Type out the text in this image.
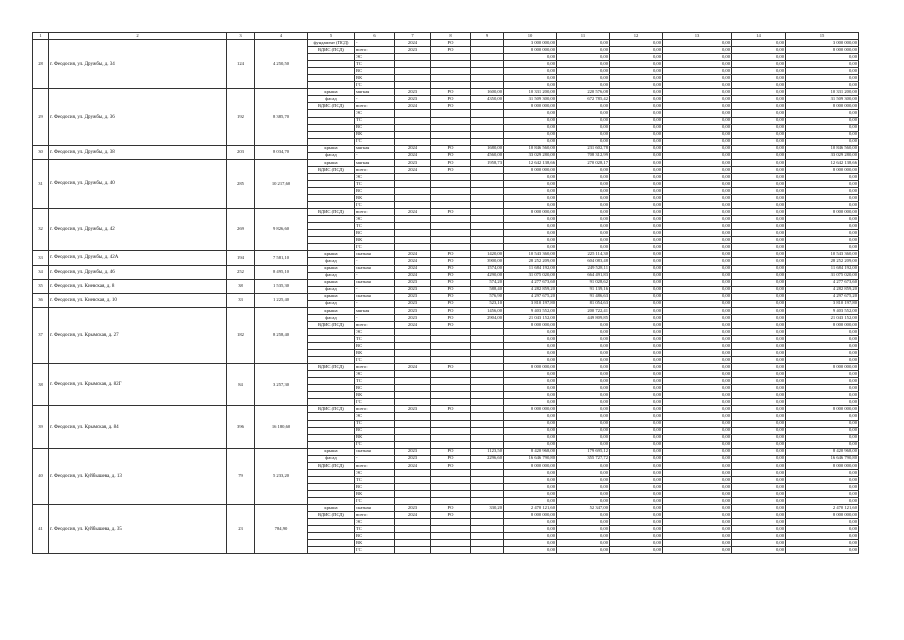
1	2	3	4	5	6	7	8	9	10	11	12	13	14	15
28	г. Феодосия, ул. Дружбы, д. 34	124	4 250,50	фундамент (ПСД)	-	2024	РО		3 000 000,00	0,00	0,00	0,00	0,00	3 000 000,00
				ВДИС (ПСД)	всего:	2023	РО		8 000 000,00	0,00	0,00	0,00	0,00	8 000 000,00
					ЭС				0,00	0,00	0,00	0,00	0,00	0,00
					ТС				0,00	0,00	0,00	0,00	0,00	0,00
					ВС				0,00	0,00	0,00	0,00	0,00	0,00
					ВК				0,00	0,00	0,00	0,00	0,00	0,00
					ГС				0,00	0,00	0,00	0,00	0,00	0,00
29	г. Феодосия, ул. Дружбы, д. 36	192	8 385,70	крыша	мягкая	2023	РО	1600,00	10 331 200,00	220 576,08	0,00	0,00	0,00	10 331 200,00
				фасад	-	2023	РО	4350,00	31 509 300,00	672 785,42	0,00	0,00	0,00	31 509 300,00
				ВДИС (ПСД)	всего:	2024	РО		8 000 000,00	0,00	0,00	0,00	0,00	8 000 000,00
					ЭС				0,00	0,00	0,00	0,00	0,00	0,00
					ТС				0,00	0,00	0,00	0,00	0,00	0,00
					ВС				0,00	0,00	0,00	0,00	0,00	0,00
					ВК				0,00	0,00	0,00	0,00	0,00	0,00
					ГС				0,00	0,00	0,00	0,00	0,00	0,00
30	г. Феодосия, ул. Дружбы, д. 38	203	8 034,70	крыша	мягкая	2024	РО	1680,00	10 846 560,00	231 602,78	0,00	0,00	0,00	10 846 560,00
				фасад	-	2024	РО	4560,00	33 029 280,00	708 312,99	0,00	0,00	0,00	33 029 280,00
31	г. Феодосия, ул. Дружбы, д. 40	285	10 217,60	крыша	мягкая	2023	РО	1958,73	12 642 138,66	270 028,17	0,00	0,00	0,00	12 642 138,66
				ВДИС (ПСД)	всего:	2024	РО		8 000 000,00	0,00	0,00	0,00	0,00	8 000 000,00
					ЭС				0,00	0,00	0,00	0,00	0,00	0,00
					ТС				0,00	0,00	0,00	0,00	0,00	0,00
					ВС				0,00	0,00	0,00	0,00	0,00	0,00
					ВК				0,00	0,00	0,00	0,00	0,00	0,00
					ГС				0,00	0,00	0,00	0,00	0,00	0,00
32	г. Феодосия, ул. Дружбы, д. 42	269	9 826,60	ВДИС (ПСД)	всего:	2024	РО		8 000 000,00	0,00	0,00	0,00	0,00	8 000 000,00
					ЭС				0,00	0,00	0,00	0,00	0,00	0,00
					ТС				0,00	0,00	0,00	0,00	0,00	0,00
					ВС				0,00	0,00	0,00	0,00	0,00	0,00
					ВК				0,00	0,00	0,00	0,00	0,00	0,00
					ГС				0,00	0,00	0,00	0,00	0,00	0,00
33	г. Феодосия, ул. Дружбы, д. 42А	194	7 581,10	крыша	скатная	2024	РО	1420,00	10 543 360,00	225 114,30	0,00	0,00	0,00	10 543 360,00
				фасад	-	2024	РО	3900,00	28 252 209,00	604 083,48	0,00	0,00	0,00	28 252 209,00
34	г. Феодосия, ул. Дружбы, д. 46	252	8 495,10	крыша	скатная	2024	РО	1574,00	11 684 192,00	249 528,11	0,00	0,00	0,00	11 684 192,00
				фасад	-	2024	РО	4290,00	31 075 020,00	664 491,83	0,00	0,00	0,00	31 075 020,00
35	г. Феодосия, ул. Киевская, д. 8	38	1 535,30	крыша	скатная	2023	РО	574,20	4 277 673,60	91 028,62	0,00	0,00	0,00	4 277 673,60
				фасад	-	2023	РО	588,40	4 282 859,20	91 139,16	0,00	0,00	0,00	4 282 859,20
36	г. Феодосия, ул. Киевская, д. 10	33	1 225,40	крыша	скатная	2023	РО	576,90	4 297 675,20	91 486,63	0,00	0,00	0,00	4 297 675,20
				фасад	-	2023	РО	523,10	3 810 197,80	81 054,63	0,00	0,00	0,00	3 810 197,80
37	г. Феодосия, ул. Крымская, д. 27	182	8 258,40	крыша	мягкая	2023	РО	1456,00	9 403 552,00	200 722,41	0,00	0,00	0,00	9 403 552,00
				фасад	-	2023	РО	2904,00	21 043 152,00	449 809,85	0,00	0,00	0,00	21 043 152,00
				ВДИС (ПСД)	всего:	2024	РО		8 000 000,00	0,00	0,00	0,00	0,00	8 000 000,00
					ЭС				0,00	0,00	0,00	0,00	0,00	0,00
					ТС				0,00	0,00	0,00	0,00	0,00	0,00
					ВС				0,00	0,00	0,00	0,00	0,00	0,00
					ВК				0,00	0,00	0,00	0,00	0,00	0,00
					ГС				0,00	0,00	0,00	0,00	0,00	0,00
38	г. Феодосия, ул. Крымская, д. 82Г	84	3 257,30	ВДИС (ПСД)	всего:	2024	РО		8 000 000,00	0,00	0,00	0,00	0,00	8 000 000,00
					ЭС				0,00	0,00	0,00	0,00	0,00	0,00
					ТС				0,00	0,00	0,00	0,00	0,00	0,00
					ВС				0,00	0,00	0,00	0,00	0,00	0,00
					ВК				0,00	0,00	0,00	0,00	0,00	0,00
					ГС				0,00	0,00	0,00	0,00	0,00	0,00
39	г. Феодосия, ул. Крымская, д. 84	396	16 180,60	ВДИС (ПСД)	всего:	2023	РО		8 000 000,00	0,00	0,00	0,00	0,00	8 000 000,00
					ЭС				0,00	0,00	0,00	0,00	0,00	0,00
					ТС				0,00	0,00	0,00	0,00	0,00	0,00
					ВС				0,00	0,00	0,00	0,00	0,00	0,00
					ВК				0,00	0,00	0,00	0,00	0,00	0,00
					ГС				0,00	0,00	0,00	0,00	0,00	0,00
40	г. Феодосия, ул. Куйбышева, д. 13	79	5 233,20	крыша	скатная	2023	РО	1123,50	8 420 968,00	179 695,12	0,00	0,00	0,00	8 420 968,00
				фасад	-	2023	РО	2296,60	16 646 790,80	355 727,72	0,00	0,00	0,00	16 646 790,80
				ВДИС (ПСД)	всего:	2024	РО		8 000 000,00	0,00	0,00	0,00	0,00	8 000 000,00
					ЭС				0,00	0,00	0,00	0,00	0,00	0,00
					ТС				0,00	0,00	0,00	0,00	0,00	0,00
					ВС				0,00	0,00	0,00	0,00	0,00	0,00
					ВК				0,00	0,00	0,00	0,00	0,00	0,00
					ГС				0,00	0,00	0,00	0,00	0,00	0,00
41	г. Феодосия, ул. Куйбышева, д. 35	23	784,90	крыша	скатная	2023	РО	330,20	2 470 121,60	52 347,00	0,00	0,00	0,00	2 470 121,60
				ВДИС (ПСД)	всего:	2024	РО		8 000 000,00	0,00	0,00	0,00	0,00	8 000 000,00
					ЭС				0,00	0,00	0,00	0,00	0,00	0,00
					ТС				0,00	0,00	0,00	0,00	0,00	0,00
					ВС				0,00	0,00	0,00	0,00	0,00	0,00
					ВК				0,00	0,00	0,00	0,00	0,00	0,00
					ГС				0,00	0,00	0,00	0,00	0,00	0,00
